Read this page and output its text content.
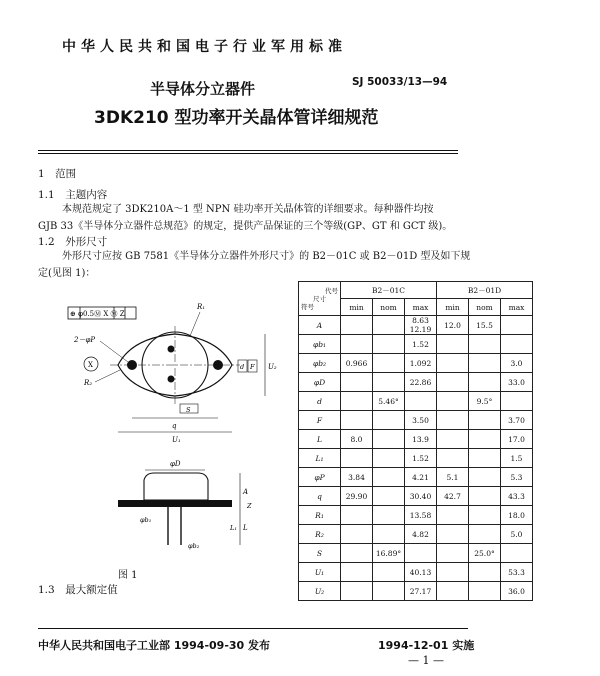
中华人民共和国电子行业军用标准
SJ 50033/13—94
半导体分立器件
3DK210 型功率开关晶体管详细规范
1　范围
1.1　主题内容
本规范规定了 3DK210A～1 型 NPN 硅功率开关晶体管的详细要求。每种器件均按
GJB 33《半导体分立器件总规范》的规定，提供产品保证的三个等级(GP、GT 和 GCT 级)。
1.2　外形尺寸
外形尺寸应按 GB 7581《半导体分立器件外形尺寸》的 B2－01C 或 B2－01D 型及如下规
定(见图 1)：
⊕ φ0.5Ⓜ X Ⓜ Z
R₁
2－φP
X
R₂
d F U₂
S
q
U₁
φD
φb₁
φb₂
A
L
L₁
Z
图 1
代号
尺寸
符号	B2－01C			B2－01D		
	min	nom	max	min	nom	max
A			8.63 12.19	12.0	15.5	
φb₁			1.52			
φb₂	0.966		1.092			3.0
φD			22.86			33.0
d		5.46°			9.5°	
F			3.50			3.70
L	8.0		13.9			17.0
L₁			1.52			1.5
φP	3.84		4.21	5.1		5.3
q	29.90		30.40	42.7		43.3
R₁			13.58			18.0
R₂			4.82			5.0
S		16.89°			25.0°	
U₁			40.13			53.3
U₂			27.17			36.0
1.3　最大额定值
中华人民共和国电子工业部 1994-09-30 发布	1994-12-01 实施
— 1 —
